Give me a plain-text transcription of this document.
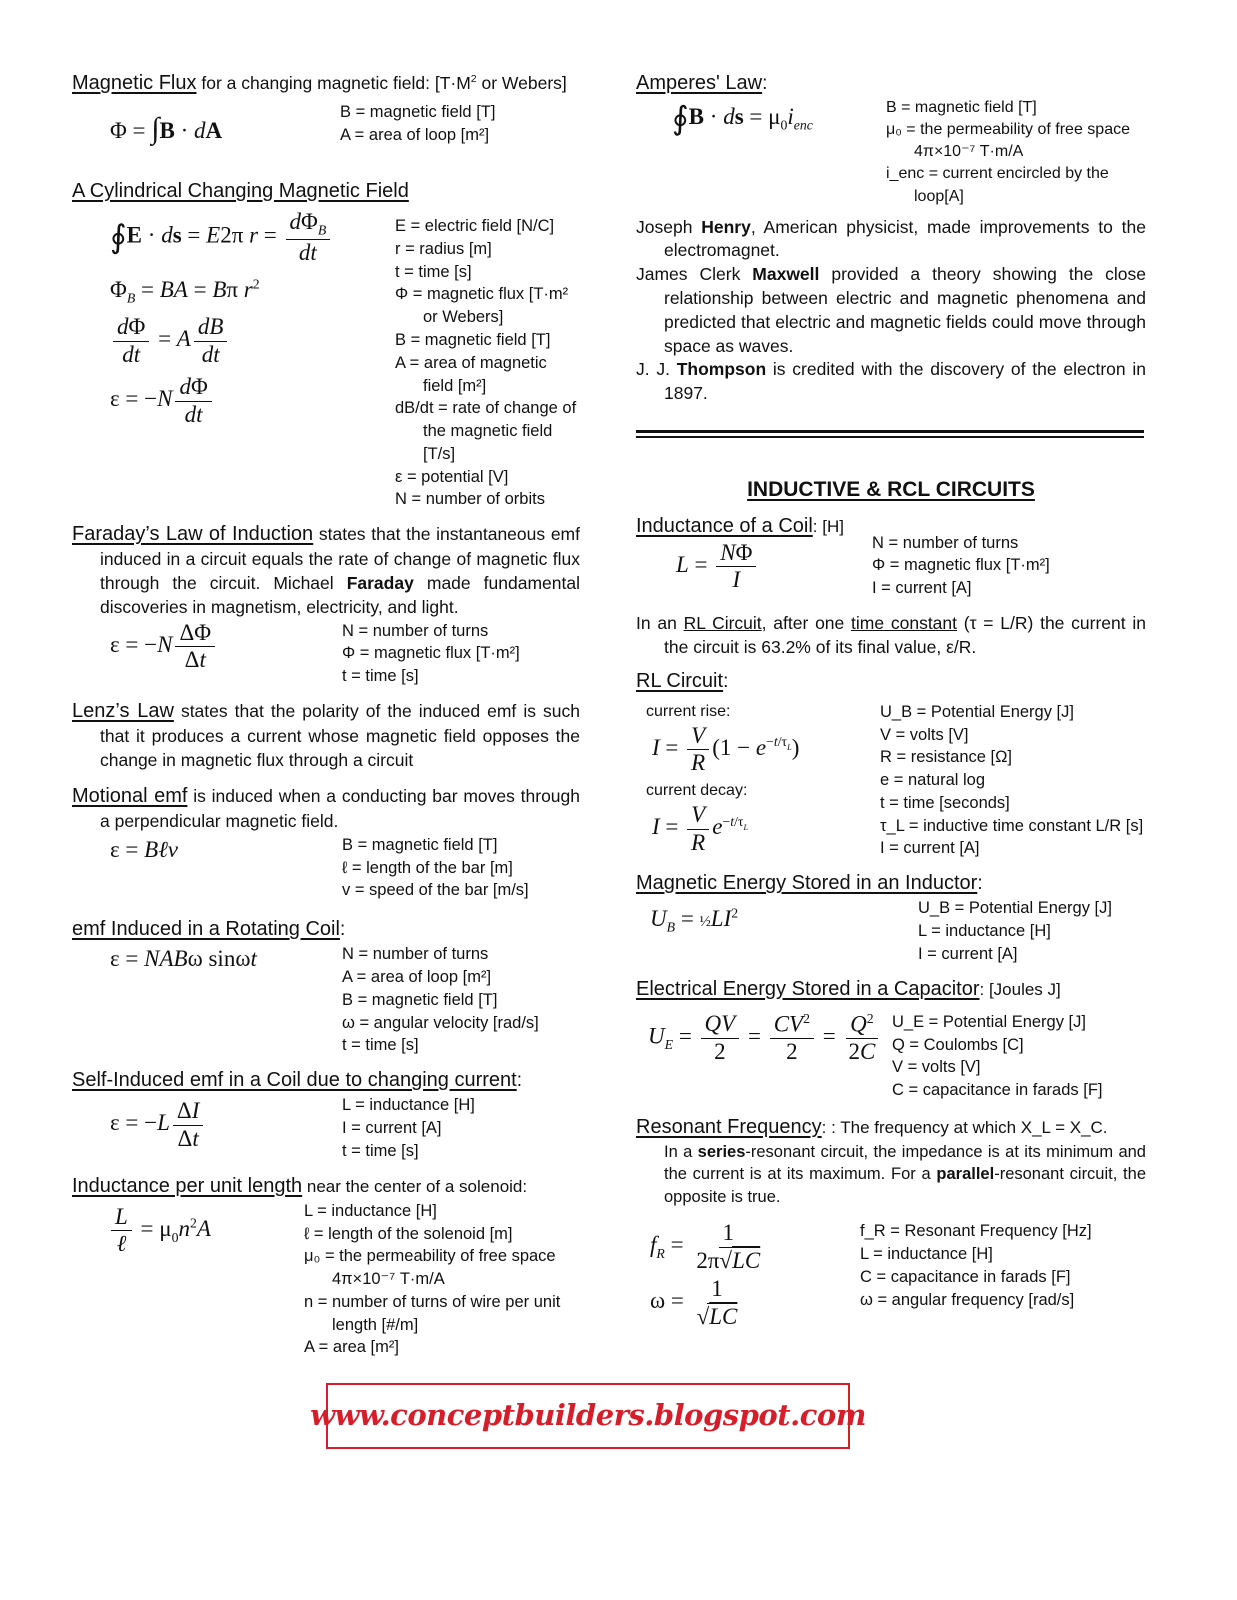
Magnetic Flux for a changing magnetic field: [$T\cdot M^2$ or Webers]
Φ = ∫B · dA
B = magnetic field [T]
A = area of loop [m²]
A Cylindrical Changing Magnetic Field
∮E · ds = E2π $r = \frac{d\Phi_B}{dt}$
$\Phi_B$ = BA = Bπ $r^2$
$\frac{d\Phi}{dt} = A \frac{dB}{dt}$
$\varepsilon = -N \frac{d\Phi}{dt}$
E = electric field [N/C]
r = radius [m]
t = time [s]
Φ = magnetic flux [T·m² or Webers]
B = magnetic field [T]
A = area of magnetic field [m²]
dB/dt = rate of change of the magnetic field [T/s]
ε = potential [V]
N = number of orbits
Faraday’s Law of Induction states that the instantaneous emf induced in a circuit equals the rate of change of magnetic flux through the circuit. Michael Faraday made fundamental discoveries in magnetism, electricity, and light.
$\varepsilon = -N \frac{\Delta\Phi}{\Delta t}$	N = number of turns
Φ = magnetic flux [T·m²]
t = time [s]
Lenz’s Law states that the polarity of the induced emf is such that it produces a current whose magnetic field opposes the change in magnetic flux through a circuit
Motional emf is induced when a conducting bar moves through a perpendicular magnetic field.
ε = Bℓv	B = magnetic field [T]
ℓ = length of the bar [m]
v = speed of the bar [m/s]
emf Induced in a Rotating Coil:
ε = NABω sinωt	N = number of turns
A = area of loop [m²]
B = magnetic field [T]
ω = angular velocity [rad/s]
t = time [s]
Self-Induced emf in a Coil due to changing current:
$\varepsilon = -L \frac{\Delta I}{\Delta t}$	L = inductance [H]
I = current [A]
t = time [s]
Inductance per unit length near the center of a solenoid:
$\frac{L}{\text{ℓ}} = \mu_0n^2A$
L = inductance [H]
ℓ = length of the solenoid [m]
μ₀ = the permeability of free space 4π×10⁻⁷ T·m/A
n = number of turns of wire per unit length [#/m]
A = area [m²]
Amperes' Law:
∮B · ds = $\mu_0i_{enc}$
B = magnetic field [T]
μ₀ = the permeability of free space 4π×10⁻⁷ T·m/A
i_enc = current encircled by the loop[A]
Joseph Henry, American physicist, made improvements to the electromagnet.
James Clerk Maxwell provided a theory showing the close relationship between electric and magnetic phenomena and predicted that electric and magnetic fields could move through space as waves.
J. J. Thompson is credited with the discovery of the electron in 1897.
INDUCTIVE & RCL CIRCUITS
Inductance of a Coil: [H]
$L = \frac{N\Phi}{I}$	N = number of turns
Φ = magnetic flux [T·m²]
I = current [A]
In an RL Circuit, after one time constant (τ = L/R) the current in the circuit is 63.2% of its final value, ε/R.
RL Circuit:
current rise:
$I = \frac{V}{R} (1 - e^{-t/\tau_L})$
current decay:
$I = \frac{V}{R} e^{-t/\tau_L}$
U_B = Potential Energy [J]
V = volts [V]
R = resistance [Ω]
e = natural log
t = time [seconds]
τ_L = inductive time constant L/R [s]
I = current [A]
Magnetic Energy Stored in an Inductor:
$U_B$ = $\frac{1}{2}LI^2$	U_B = Potential Energy [J]
L = inductance [H]
I = current [A]
Electrical Energy Stored in a Capacitor: [Joules J]
$U_E = \frac{QV}{2} = \frac{CV^2}{2} = \frac{Q^2}{2C}$ U_E = Potential Energy [J]
Q = Coulombs [C]
V = volts [V]
C = capacitance in farads [F]
Resonant Frequency: : The frequency at which X_L = X_C.
In a series-resonant circuit, the impedance is at its minimum and the current is at its maximum. For a parallel-resonant circuit, the opposite is true.
$f_R = \frac{1}{2\pi√LC}$
$\omega = \frac{1}{√LC}$
f_R = Resonant Frequency [Hz]
L = inductance [H]
C = capacitance in farads [F]
ω = angular frequency [rad/s]
www.conceptbuilders.blogspot.com
